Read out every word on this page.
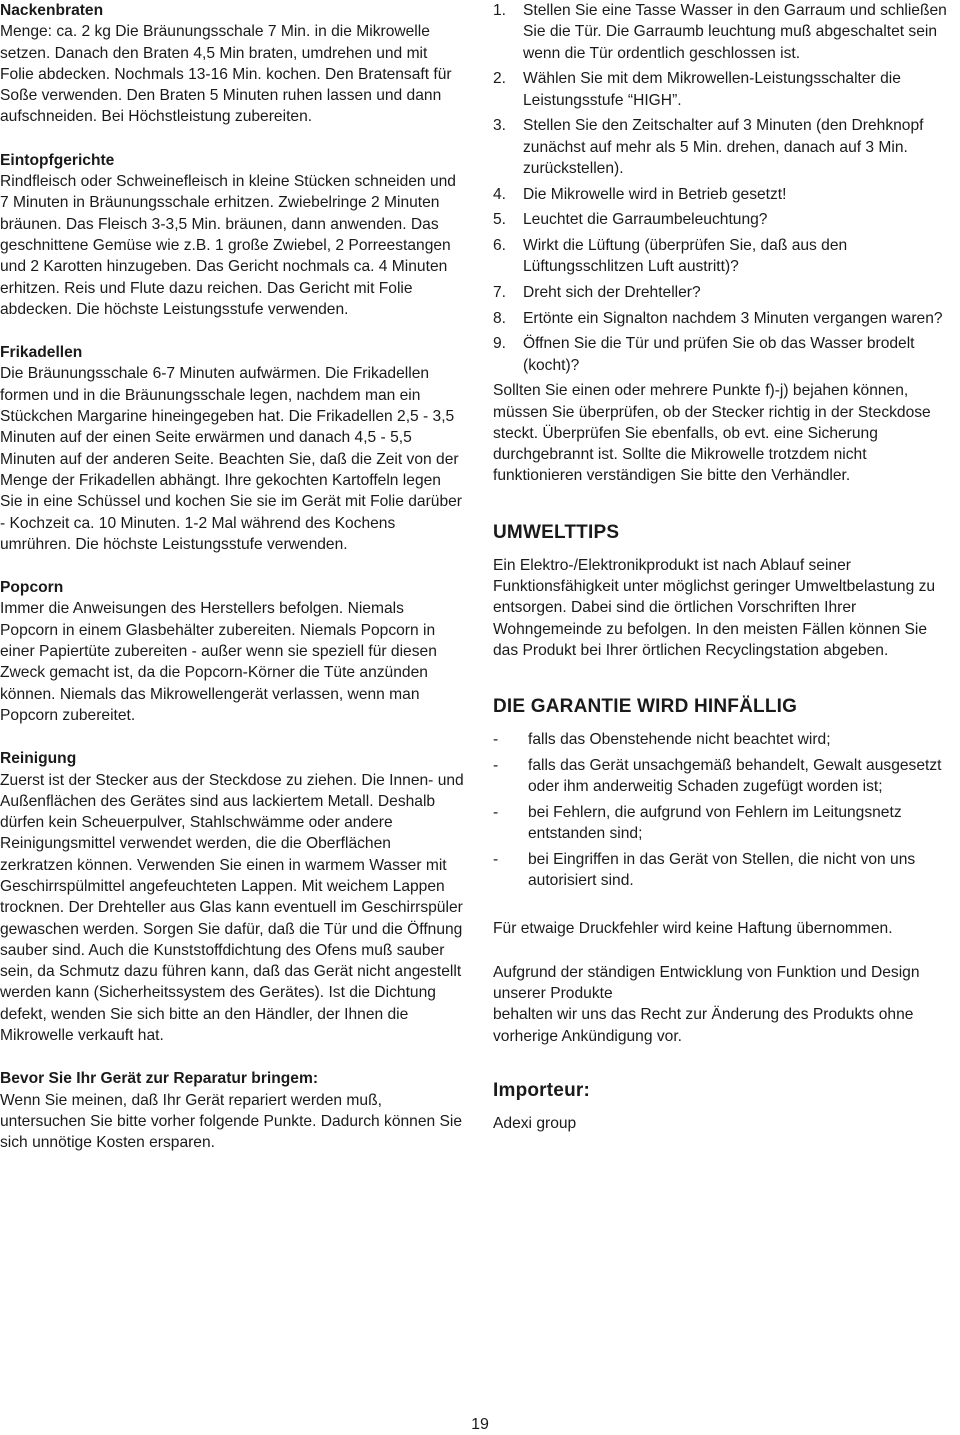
Nackenbraten

Menge: ca. 2 kg Die Bräunungsschale 7 Min. in die Mikrowelle setzen. Danach den Braten 4,5 Min braten, umdrehen und mit Folie abdecken. Nochmals 13-16 Min. kochen. Den Bratensaft für Soße verwenden. Den Braten 5 Minuten ruhen lassen und dann aufschneiden. Bei Höchstleistung zubereiten.

Eintopfgerichte

Rindfleisch oder Schweinefleisch in kleine Stücken schneiden und 7 Minuten in Bräunungsschale erhitzen. Zwiebelringe 2 Minuten bräunen. Das Fleisch 3-3,5 Min. bräunen, dann anwenden. Das geschnittene Gemüse wie z.B. 1 große Zwiebel, 2 Porreestangen und 2 Karotten hinzugeben. Das Gericht nochmals ca. 4 Minuten erhitzen. Reis und Flute dazu reichen. Das Gericht mit Folie abdecken. Die höchste Leistungsstufe verwenden.

Frikadellen

Die Bräunungsschale 6-7 Minuten aufwärmen. Die Frikadellen formen und in die Bräunungsschale legen, nachdem man ein Stückchen Margarine hineingegeben hat. Die Frikadellen 2,5 - 3,5 Minuten auf der einen Seite erwärmen und danach 4,5 - 5,5 Minuten auf der anderen Seite. Beachten Sie, daß die Zeit von der Menge der Frikadellen abhängt. Ihre gekochten Kartoffeln legen Sie in eine Schüssel und kochen Sie sie im Gerät mit Folie darüber - Kochzeit ca. 10 Minuten. 1-2 Mal während des Kochens umrühren. Die höchste Leistungsstufe verwenden.

Popcorn

Immer die Anweisungen des Herstellers befolgen. Niemals Popcorn in einem Glasbehälter zubereiten. Niemals Popcorn in einer Papiertüte zubereiten - außer wenn sie speziell für diesen Zweck gemacht ist, da die Popcorn-Körner die Tüte anzünden können. Niemals das Mikrowellengerät verlassen, wenn man Popcorn zubereitet.

Reinigung

Zuerst ist der Stecker aus der Steckdose zu ziehen. Die Innen- und Außenflächen des Gerätes sind aus lackiertem Metall. Deshalb dürfen kein Scheuerpulver, Stahlschwämme oder andere Reinigungsmittel verwendet werden, die die Oberflächen zerkratzen können. Verwenden Sie einen in warmem Wasser mit Geschirrspülmittel angefeuchteten Lappen. Mit weichem Lappen trocknen. Der Drehteller aus Glas kann eventuell im Geschirrspüler gewaschen werden. Sorgen Sie dafür, daß die Tür und die Öffnung sauber sind. Auch die Kunststoffdichtung des Ofens muß sauber sein, da Schmutz dazu führen kann, daß das Gerät nicht angestellt werden kann (Sicherheitssystem des Gerätes). Ist die Dichtung defekt, wenden Sie sich bitte an den Händler, der Ihnen die Mikrowelle verkauft hat.

Bevor Sie Ihr Gerät zur Reparatur bringem:

Wenn Sie meinen, daß Ihr Gerät repariert werden muß, untersuchen Sie bitte vorher folgende Punkte. Dadurch können Sie sich unnötige Kosten ersparen.

1. Stellen Sie eine Tasse Wasser in den Garraum und schließen Sie die Tür. Die Garraumb leuchtung muß abgeschaltet sein wenn die Tür ordentlich geschlossen ist.
2. Wählen Sie mit dem Mikrowellen-Leistungsschalter die Leistungsstufe “HIGH”.
3. Stellen Sie den Zeitschalter auf 3 Minuten (den Drehknopf zunächst auf mehr als 5 Min. drehen, danach auf 3 Min. zurückstellen).
4. Die Mikrowelle wird in Betrieb gesetzt!
5. Leuchtet die Garraumbeleuchtung?
6. Wirkt die Lüftung (überprüfen Sie, daß aus den Lüftungsschlitzen Luft austritt)?
7. Dreht sich der Drehteller?
8. Ertönte ein Signalton nachdem 3 Minuten vergangen waren?
9. Öffnen Sie die Tür und prüfen Sie ob das Wasser brodelt (kocht)?

Sollten Sie einen oder mehrere Punkte f)-j) bejahen können, müssen Sie überprüfen, ob der Stecker richtig in der Steckdose steckt. Überprüfen Sie ebenfalls, ob evt. eine Sicherung durchgebrannt ist. Sollte die Mikrowelle trotzdem nicht funktionieren verständigen Sie bitte den Verhändler.

UMWELTTIPS

Ein Elektro-/Elektronikprodukt ist nach Ablauf seiner Funktionsfähigkeit unter möglichst geringer Umweltbelastung zu entsorgen. Dabei sind die örtlichen Vorschriften Ihrer Wohngemeinde zu befolgen. In den meisten Fällen können Sie das Produkt bei Ihrer örtlichen Recyclingstation abgeben.

DIE GARANTIE WIRD HINFÄLLIG
- falls das Obenstehende nicht beachtet wird;
- falls das Gerät unsachgemäß behandelt, Gewalt ausgesetzt oder ihm anderweitig Schaden zugefügt worden ist;
- bei Fehlern, die aufgrund von Fehlern im Leitungsnetz entstanden sind;
- bei Eingriffen in das Gerät von Stellen, die nicht von uns autorisiert sind.

Für etwaige Druckfehler wird keine Haftung übernommen.

Aufgrund der ständigen Entwicklung von Funktion und Design unserer Produkte

behalten wir uns das Recht zur Änderung des Produkts ohne vorherige Ankündigung vor.

Importeur:

Adexi group

19
